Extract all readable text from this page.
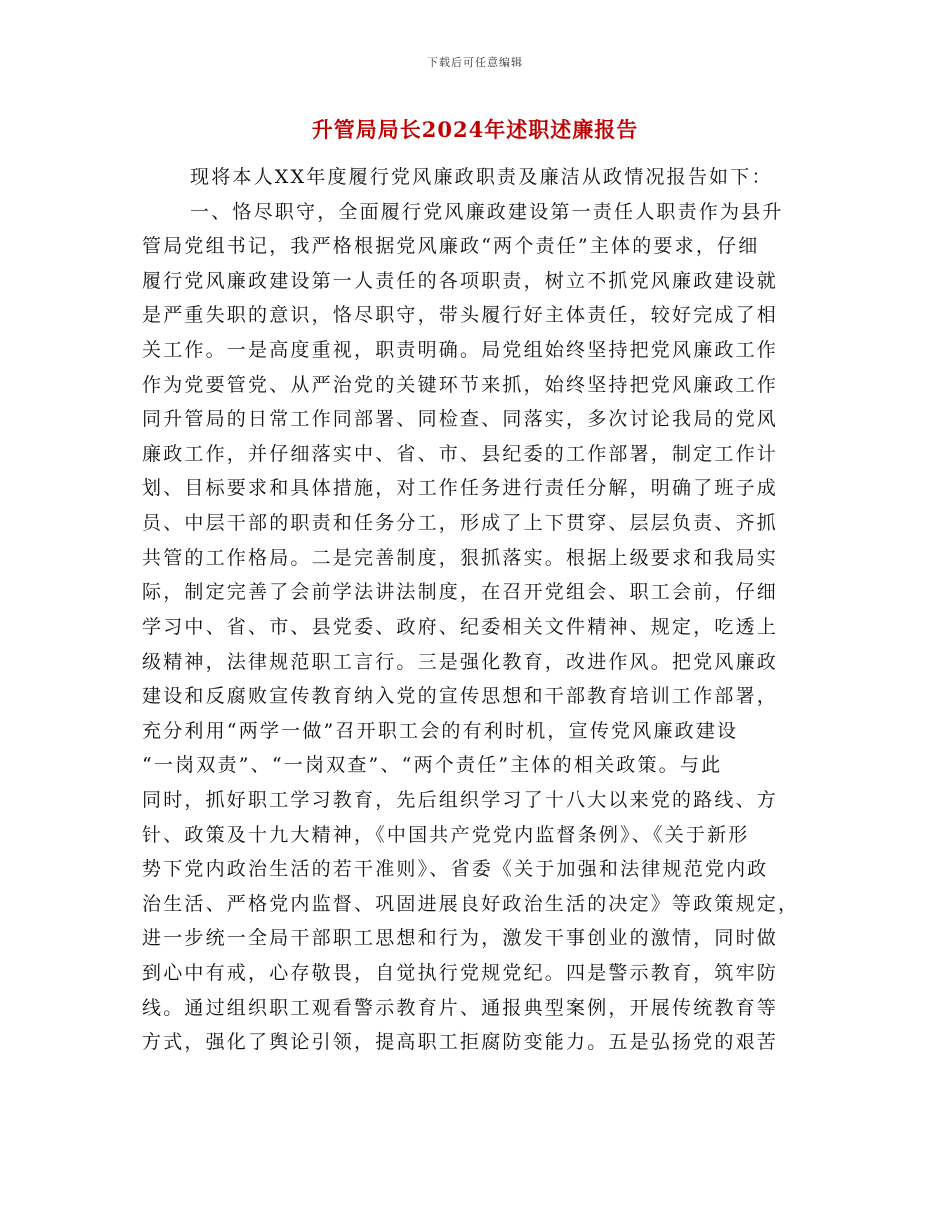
下载后可任意编辑
升管局局长2024年述职述廉报告
现将本人XX年度履行党风廉政职责及廉洁从政情况报告如下：
一、恪尽职守，全面履行党风廉政建设第一责任人职责作为县升
管局党组书记，我严格根据党风廉政“两个责任”主体的要求，仔细
履行党风廉政建设第一人责任的各项职责，树立不抓党风廉政建设就
是严重失职的意识，恪尽职守，带头履行好主体责任，较好完成了相
关工作。一是高度重视，职责明确。局党组始终坚持把党风廉政工作
作为党要管党、从严治党的关键环节来抓，始终坚持把党风廉政工作
同升管局的日常工作同部署、同检查、同落实，多次讨论我局的党风
廉政工作，并仔细落实中、省、市、县纪委的工作部署，制定工作计
划、目标要求和具体措施，对工作任务进行责任分解，明确了班子成
员、中层干部的职责和任务分工，形成了上下贯穿、层层负责、齐抓
共管的工作格局。二是完善制度，狠抓落实。根据上级要求和我局实
际，制定完善了会前学法讲法制度，在召开党组会、职工会前，仔细
学习中、省、市、县党委、政府、纪委相关文件精神、规定，吃透上
级精神，法律规范职工言行。三是强化教育，改进作风。把党风廉政
建设和反腐败宣传教育纳入党的宣传思想和干部教育培训工作部署，
充分利用“两学一做”召开职工会的有利时机，宣传党风廉政建设
“一岗双责”、“一岗双查”、“两个责任”主体的相关政策。与此
同时，抓好职工学习教育，先后组织学习了十八大以来党的路线、方
针、政策及十九大精神，《中国共产党党内监督条例》、《关于新形
势下党内政治生活的若干准则》、省委《关于加强和法律规范党内政
治生活、严格党内监督、巩固进展良好政治生活的决定》等政策规定，
进一步统一全局干部职工思想和行为，激发干事创业的激情，同时做
到心中有戒，心存敬畏，自觉执行党规党纪。四是警示教育，筑牢防
线。通过组织职工观看警示教育片、通报典型案例，开展传统教育等
方式，强化了舆论引领，提高职工拒腐防变能力。五是弘扬党的艰苦
